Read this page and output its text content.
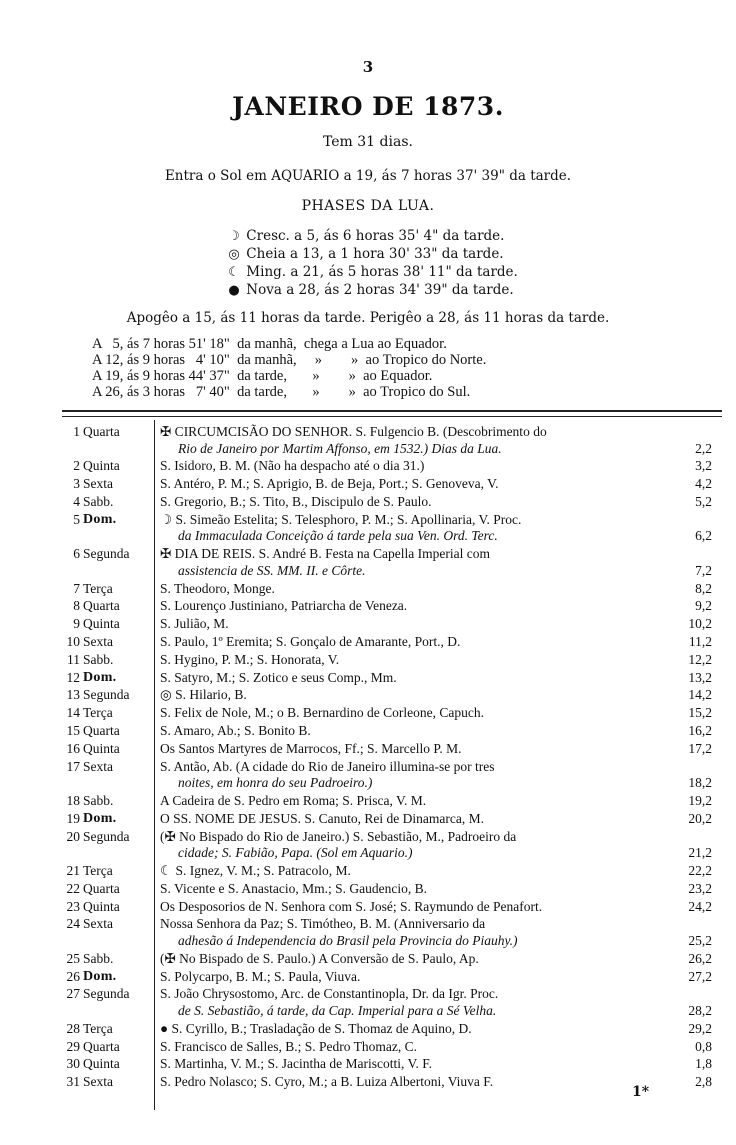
3
JANEIRO DE 1873.
Tem 31 dias.
Entra o Sol em AQUARIO a 19, ás 7 horas 37' 39" da tarde.
PHASES DA LUA.
☽ Cresc. a 5, ás 6 horas 35' 4" da tarde.
◎ Cheia a 13, a 1 hora 30' 33" da tarde.
☾ Ming. a 21, ás 5 horas 38' 11" da tarde.
● Nova a 28, ás 2 horas 34' 39" da tarde.
Apogêo a 15, ás 11 horas da tarde. Perigêo a 28, ás 11 horas da tarde.
A   5, ás 7 horas 51' 18"  da manhã,  chega a Lua ao Equador.
A 12, ás 9 horas   4' 10"  da manhã,     »        »  ao Tropico do Norte.
A 19, ás 9 horas 44' 37"  da tarde,       »        »  ao Equador.
A 26, ás 3 horas   7' 40"  da tarde,       »        »  ao Tropico do Sul.
1 Quarta	✠ CIRCUMCISÃO DO SENHOR. S. Fulgencio B. (Descobrimento do
Rio de Janeiro por Martim Affonso, em 1532.) Dias da Lua.	2,2
2 Quinta	S. Isidoro, B. M. (Não ha despacho até o dia 31.)	3,2
3 Sexta	S. Antéro, P. M.; S. Aprigio, B. de Beja, Port.; S. Genoveva, V.	4,2
4 Sabb.	S. Gregorio, B.; S. Tito, B., Discipulo de S. Paulo.	5,2
5 Dom.	☽ S. Simeão Estelita; S. Telesphoro, P. M.; S. Apollinaria, V. Proc.
da Immaculada Conceição á tarde pela sua Ven. Ord. Terc.	6,2
6 Segunda	✠ DIA DE REIS. S. André B. Festa na Capella Imperial com
assistencia de SS. MM. II. e Côrte.	7,2
7 Terça	S. Theodoro, Monge.	8,2
8 Quarta	S. Lourenço Justiniano, Patriarcha de Veneza.	9,2
9 Quinta	S. Julião, M.	10,2
10 Sexta	S. Paulo, 1º Eremita; S. Gonçalo de Amarante, Port., D.	11,2
11 Sabb.	S. Hygino, P. M.; S. Honorata, V.	12,2
12 Dom.	S. Satyro, M.; S. Zotico e seus Comp., Mm.	13,2
13 Segunda	◎ S. Hilario, B.	14,2
14 Terça	S. Felix de Nole, M.; o B. Bernardino de Corleone, Capuch.	15,2
15 Quarta	S. Amaro, Ab.; S. Bonito B.	16,2
16 Quinta	Os Santos Martyres de Marrocos, Ff.; S. Marcello P. M.	17,2
17 Sexta	S. Antão, Ab. (A cidade do Rio de Janeiro illumina-se por tres
noites, em honra do seu Padroeiro.)	18,2
18 Sabb.	A Cadeira de S. Pedro em Roma; S. Prisca, V. M.	19,2
19 Dom.	O SS. NOME DE JESUS. S. Canuto, Rei de Dinamarca, M.	20,2
20 Segunda	(✠ No Bispado do Rio de Janeiro.) S. Sebastião, M., Padroeiro da
cidade; S. Fabião, Papa. (Sol em Aquario.)	21,2
21 Terça	☾ S. Ignez, V. M.; S. Patracolo, M.	22,2
22 Quarta	S. Vicente e S. Anastacio, Mm.; S. Gaudencio, B.	23,2
23 Quinta	Os Desposorios de N. Senhora com S. José; S. Raymundo de Penafort.	24,2
24 Sexta	Nossa Senhora da Paz; S. Timótheo, B. M. (Anniversario da
adhesão á Independencia do Brasil pela Provincia do Piauhy.)	25,2
25 Sabb.	(✠ No Bispado de S. Paulo.) A Conversão de S. Paulo, Ap.	26,2
26 Dom.	S. Polycarpo, B. M.; S. Paula, Viuva.	27,2
27 Segunda	S. João Chrysostomo, Arc. de Constantinopla, Dr. da Igr. Proc.
de S. Sebastião, á tarde, da Cap. Imperial para a Sé Velha.	28,2
28 Terça	● S. Cyrillo, B.; Trasladação de S. Thomaz de Aquino, D.	29,2
29 Quarta	S. Francisco de Salles, B.; S. Pedro Thomaz, C.	0,8
30 Quinta	S. Martinha, V. M.; S. Jacintha de Mariscotti, V. F.	1,8
31 Sexta	S. Pedro Nolasco; S. Cyro, M.; a B. Luiza Albertoni, Viuva F.	2,8
1*
